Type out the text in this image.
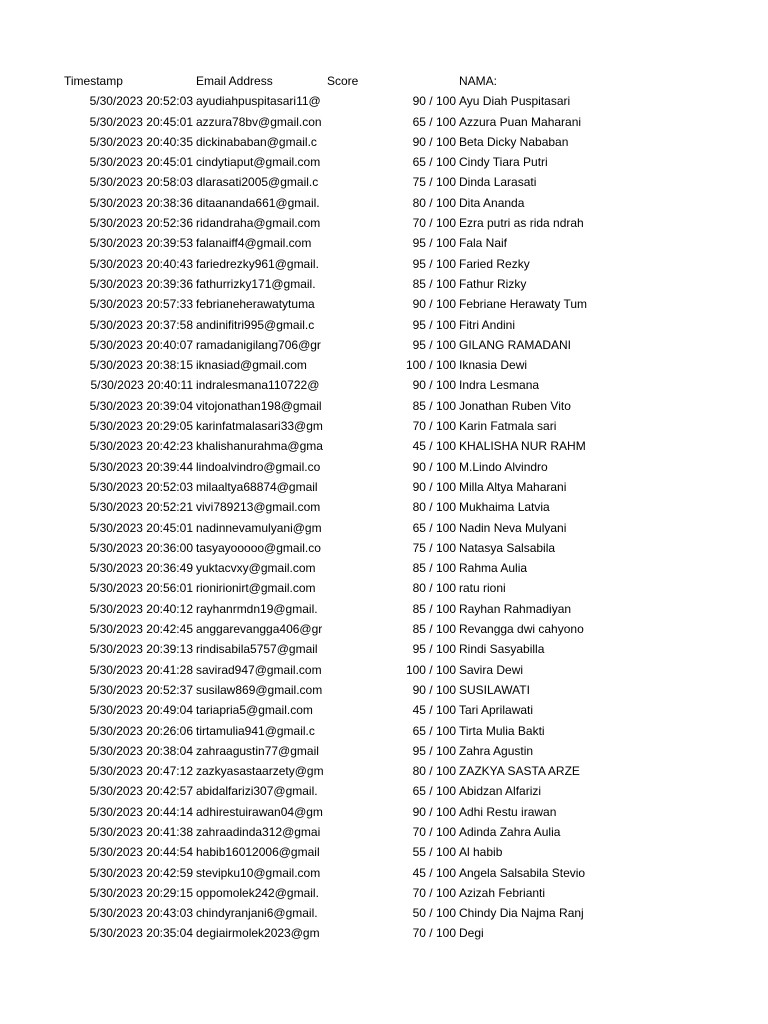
Timestamp	Email Address	Score	NAMA:
5/30/2023 20:52:03 ayudiahpuspitasari11@	90 / 100 Ayu Diah Puspitasari
5/30/2023 20:45:01 azzura78bv@gmail.con	65 / 100 Azzura Puan Maharani
5/30/2023 20:40:35 dickinababan@gmail.c	90 / 100 Beta Dicky Nababan
5/30/2023 20:45:01 cindytiaput@gmail.com	65 / 100 Cindy Tiara Putri
5/30/2023 20:58:03 dlarasati2005@gmail.c	75 / 100 Dinda Larasati
5/30/2023 20:38:36 ditaananda661@gmail.	80 / 100 Dita Ananda
5/30/2023 20:52:36 ridandraha@gmail.com	70 / 100 Ezra putri as rida ndrah
5/30/2023 20:39:53 falanaiff4@gmail.com	95 / 100 Fala Naif
5/30/2023 20:40:43 fariedrezky961@gmail.	95 / 100 Faried Rezky
5/30/2023 20:39:36 fathurrizky171@gmail.	85 / 100 Fathur Rizky
5/30/2023 20:57:33 febrianeherawatytuma	90 / 100 Febriane Herawaty Tum
5/30/2023 20:37:58 andinifitri995@gmail.c	95 / 100 Fitri Andini
5/30/2023 20:40:07 ramadanigilang706@gr	95 / 100 GILANG RAMADANI
5/30/2023 20:38:15 iknasiad@gmail.com	100 / 100 Iknasia Dewi
5/30/2023 20:40:11 indralesmana110722@	90 / 100 Indra Lesmana
5/30/2023 20:39:04 vitojonathan198@gmail	85 / 100 Jonathan Ruben Vito
5/30/2023 20:29:05 karinfatmalasari33@gm	70 / 100 Karin Fatmala sari
5/30/2023 20:42:23 khalishanurahma@gma	45 / 100 KHALISHA NUR RAHM
5/30/2023 20:39:44 lindoalvindro@gmail.co	90 / 100 M.Lindo Alvindro
5/30/2023 20:52:03 milaaltya68874@gmail	90 / 100 Milla Altya Maharani
5/30/2023 20:52:21 vivi789213@gmail.com	80 / 100 Mukhaima Latvia
5/30/2023 20:45:01 nadinnevamulyani@gm	65 / 100 Nadin Neva Mulyani
5/30/2023 20:36:00 tasyayooooo@gmail.co	75 / 100 Natasya Salsabila
5/30/2023 20:36:49 yuktacvxy@gmail.com	85 / 100 Rahma Aulia
5/30/2023 20:56:01 rionirionirt@gmail.com	80 / 100 ratu rioni
5/30/2023 20:40:12 rayhanrmdn19@gmail.	85 / 100 Rayhan Rahmadiyan
5/30/2023 20:42:45 anggarevangga406@gr	85 / 100 Revangga dwi cahyono
5/30/2023 20:39:13 rindisabila5757@gmail	95 / 100 Rindi Sasyabilla
5/30/2023 20:41:28 savirad947@gmail.com	100 / 100 Savira Dewi
5/30/2023 20:52:37 susilaw869@gmail.com	90 / 100 SUSILAWATI
5/30/2023 20:49:04 tariapria5@gmail.com	45 / 100 Tari Aprilawati
5/30/2023 20:26:06 tirtamulia941@gmail.c	65 / 100 Tirta Mulia Bakti
5/30/2023 20:38:04 zahraagustin77@gmail	95 / 100 Zahra Agustin
5/30/2023 20:47:12 zazkyasastaarzety@gm	80 / 100 ZAZKYA SASTA ARZE
5/30/2023 20:42:57 abidalfarizi307@gmail.	65 / 100 Abidzan Alfarizi
5/30/2023 20:44:14 adhirestuirawan04@gm	90 / 100 Adhi Restu irawan
5/30/2023 20:41:38 zahraadinda312@gmai	70 / 100 Adinda Zahra Aulia
5/30/2023 20:44:54 habib16012006@gmail	55 / 100 Al habib
5/30/2023 20:42:59 stevipku10@gmail.com	45 / 100 Angela Salsabila Stevio
5/30/2023 20:29:15 oppomolek242@gmail.	70 / 100 Azizah Febrianti
5/30/2023 20:43:03 chindyranjani6@gmail.	50 / 100 Chindy Dia Najma Ranj
5/30/2023 20:35:04 degiairmolek2023@gm	70 / 100 Degi
